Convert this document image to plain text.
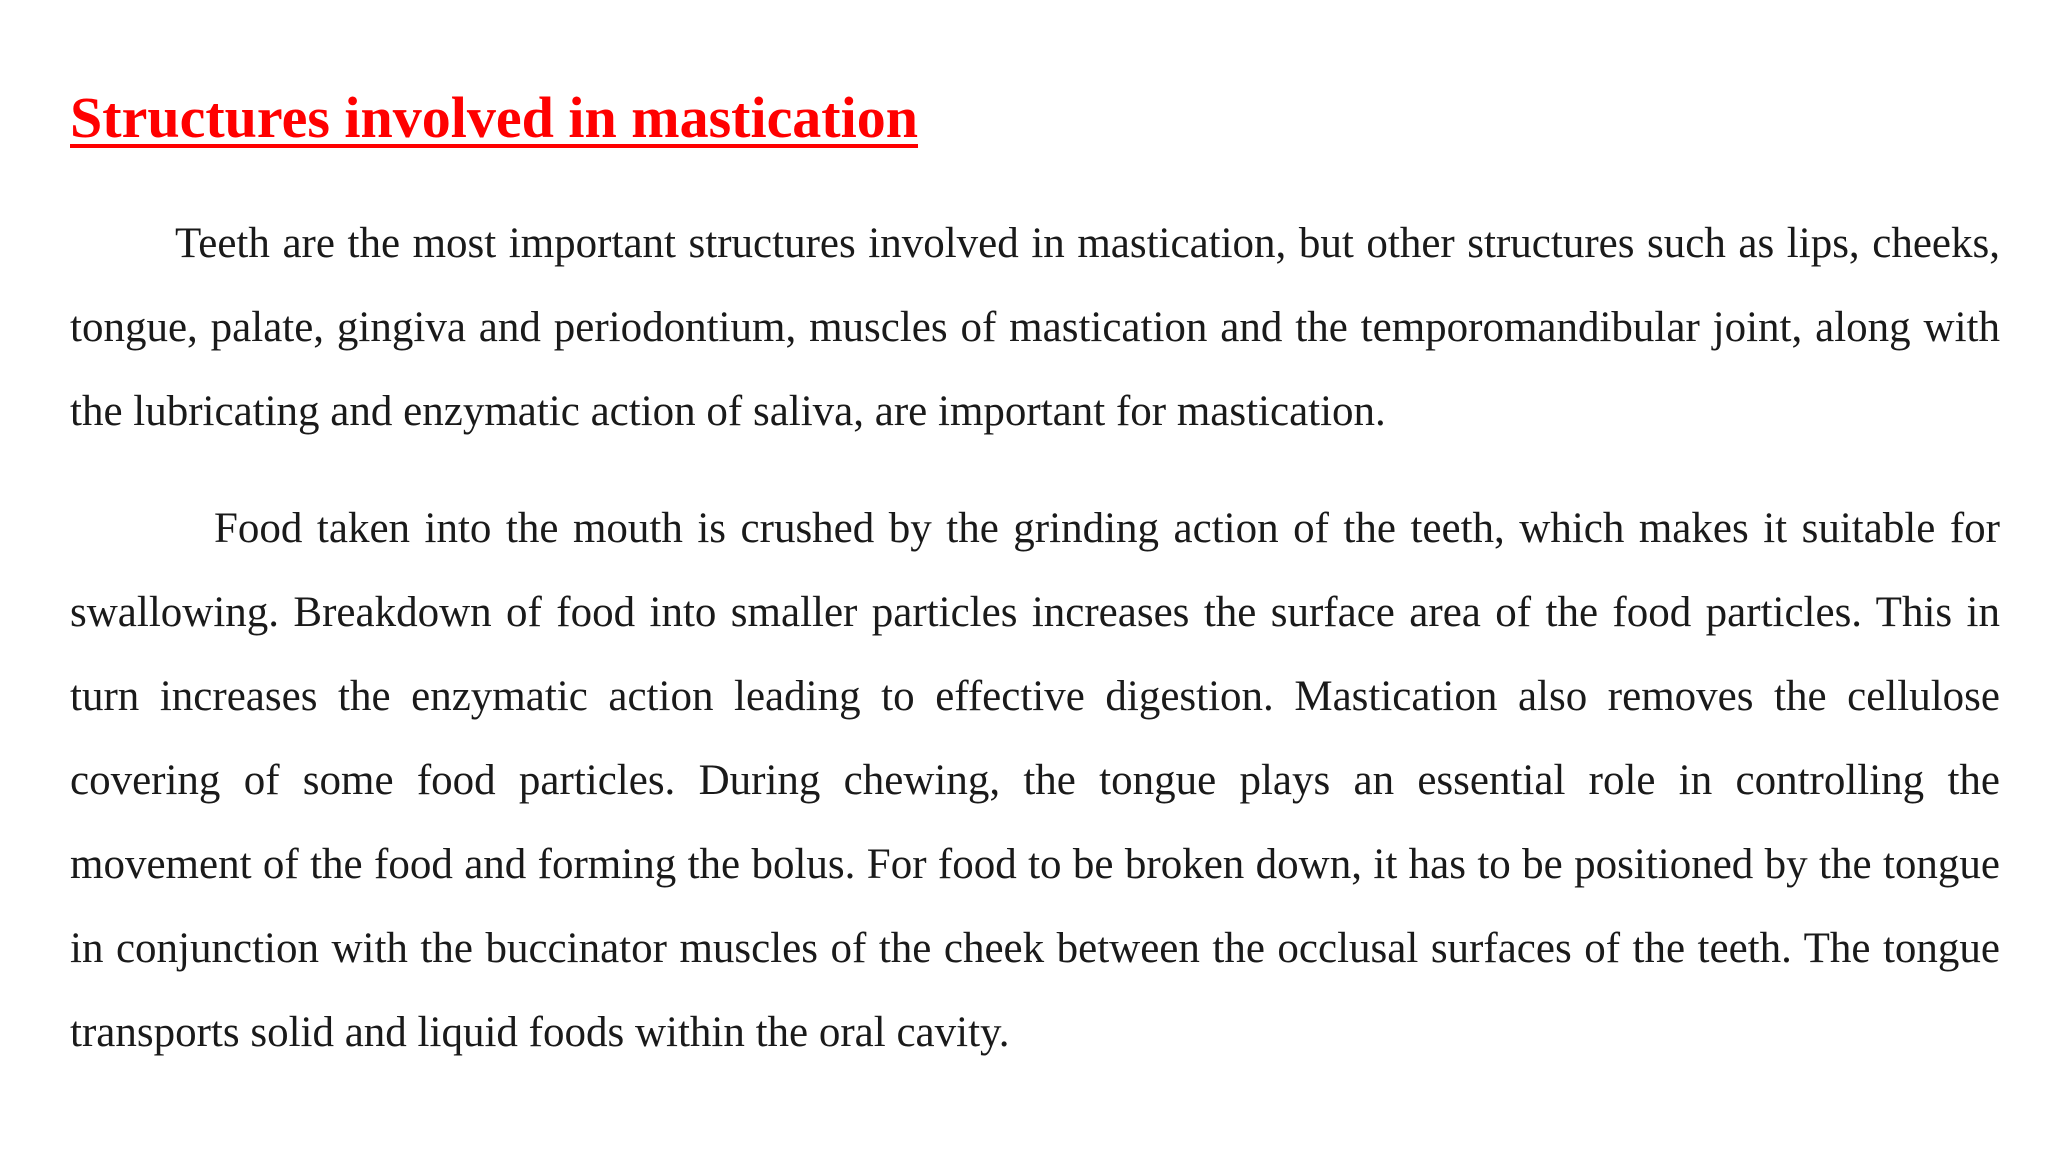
Structures involved in mastication

Teeth are the most important structures involved in mastication, but other structures such as lips, cheeks, tongue, palate, gingiva and periodontium, muscles of mastication and the temporomandibular joint, along with the lubricating and enzymatic action of saliva, are important for mastication.

Food taken into the mouth is crushed by the grinding action of the teeth, which makes it suitable for swallowing. Breakdown of food into smaller particles increases the surface area of the food particles. This in turn increases the enzymatic action leading to effective digestion. Mastication also removes the cellulose covering of some food particles. During chewing, the tongue plays an essential role in controlling the movement of the food and forming the bolus. For food to be broken down, it has to be positioned by the tongue in conjunction with the buccinator muscles of the cheek between the occlusal surfaces of the teeth. The tongue transports solid and liquid foods within the oral cavity.
